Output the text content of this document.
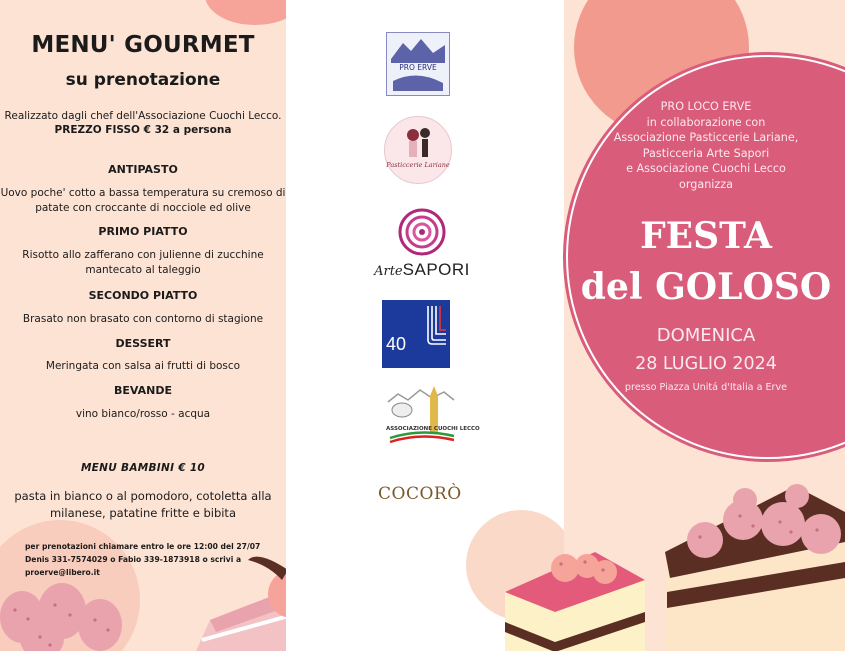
MENU' GOURMET
su prenotazione
Realizzato dagli chef dell'Associazione Cuochi Lecco.
PREZZO FISSO € 32 a persona
ANTIPASTO
Uovo poche' cotto a bassa temperatura su cremoso di
patate con croccante di nocciole ed olive
PRIMO PIATTO
Risotto allo zafferano con julienne di zucchine
mantecato al taleggio
SECONDO PIATTO
Brasato non brasato con contorno di stagione
DESSERT
Meringata con salsa ai frutti di bosco
BEVANDE
vino bianco/rosso - acqua
MENU BAMBINI € 10
pasta in bianco o al pomodoro, cotoletta alla
milanese, patatine fritte e bibita
per prenotazioni chiamare entro le ore 12:00 del 27/07
Denis 331-7574029 o Fabio 339-1873918 o scrivi a
proerve@libero.it
PRO ERVE
Pasticcerie Lariane
ArteSAPORI
40
ASSOCIAZIONE CUOCHI LECCO
COCORÒ
PRO LOCO ERVE
in collaborazione con
Associazione Pasticcerie Lariane,
Pasticceria Arte Sapori
e Associazione Cuochi Lecco
organizza
FESTA
del GOLOSO
DOMENICA
28 LUGLIO 2024
presso Piazza Unitá d'Italia a Erve
